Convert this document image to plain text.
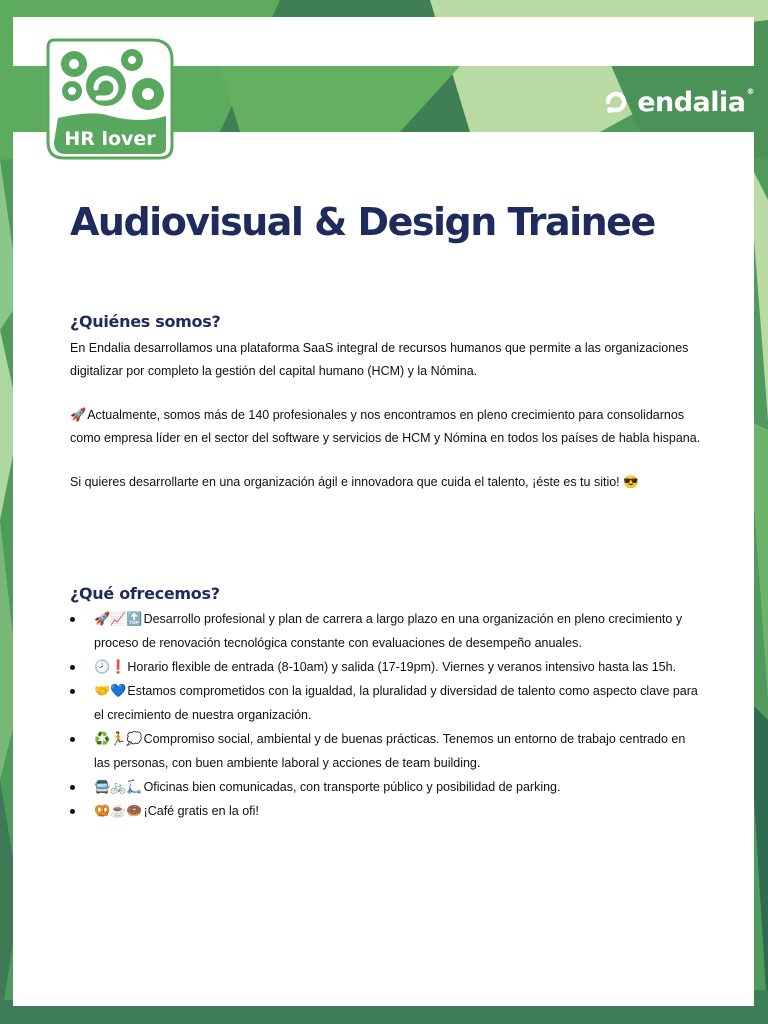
HR lover
endalia®
Audiovisual & Design Trainee
¿Quiénes somos?

En Endalia desarrollamos una plataforma SaaS integral de recursos humanos que permite a las organizaciones digitalizar por completo la gestión del capital humano (HCM) y la Nómina.

🚀Actualmente, somos más de 140 profesionales y nos encontramos en pleno crecimiento para consolidarnos como empresa líder en el sector del software y servicios de HCM y Nómina en todos los países de habla hispana.

Si quieres desarrollarte en una organización ágil e innovadora que cuida el talento, ¡éste es tu sitio! 😎

¿Qué ofrecemos?
🚀📈🔝Desarrollo profesional y plan de carrera a largo plazo en una organización en pleno crecimiento y proceso de renovación tecnológica constante con evaluaciones de desempeño anuales.
🕗❗Horario flexible de entrada (8-10am) y salida (17-19pm). Viernes y veranos intensivo hasta las 15h.
🤝💙Estamos comprometidos con la igualdad, la pluralidad y diversidad de talento como aspecto clave para el crecimiento de nuestra organización.
♻️🏃💭Compromiso social, ambiental y de buenas prácticas. Tenemos un entorno de trabajo centrado en las personas, con buen ambiente laboral y acciones de team building.
🚍🚲🛴Oficinas bien comunicadas, con transporte público y posibilidad de parking.
🥨☕🍩¡Café gratis en la ofi!
